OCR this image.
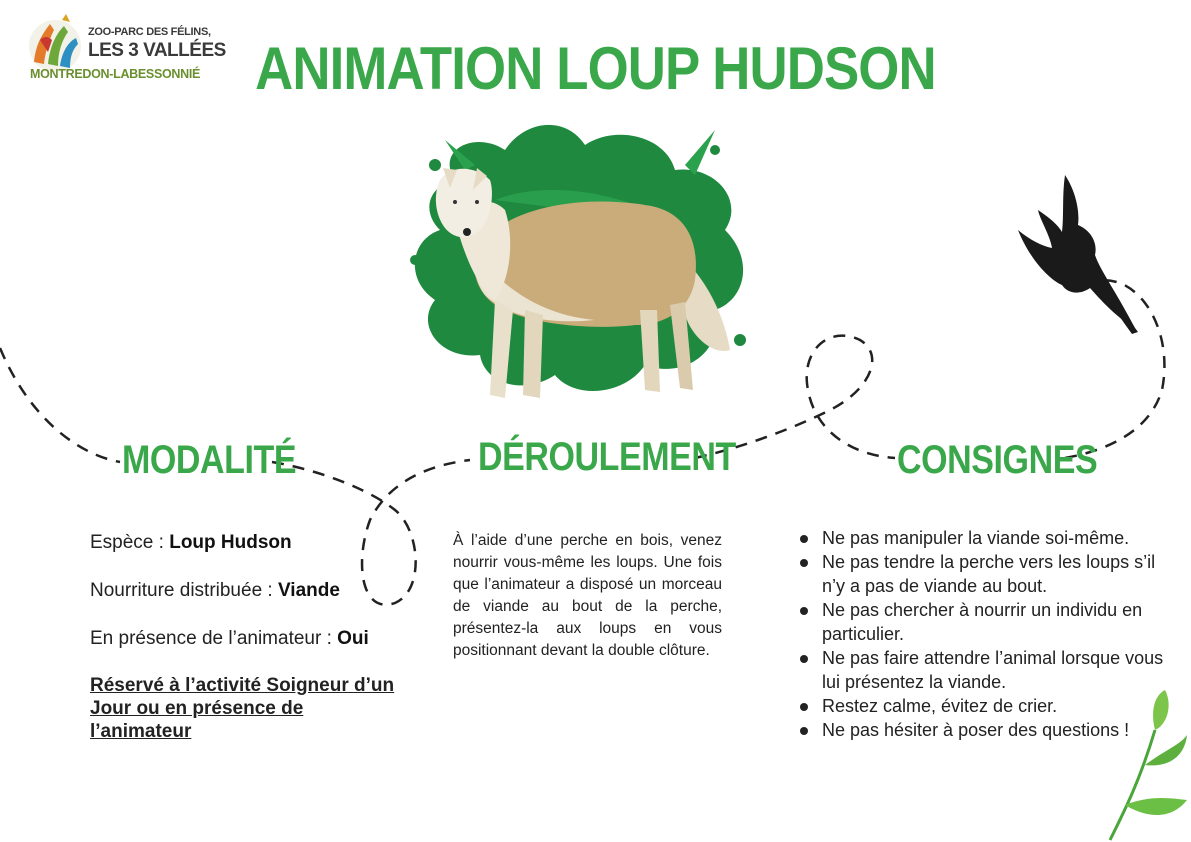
ZOO-PARC DES FÉLINS,
LES 3 VALLÉES
MONTREDON-LABESSONNIÉ ANIMATION LOUP HUDSON
MODALITÉ	DÉROULEMENT	CONSIGNES

Espèce : Loup Hudson

Nourriture distribuée : Viande

En présence de l’animateur : Oui

Réservé à l’activité Soigneur d’un Jour ou en présence de l’animateur
À l’aide d’une perche en bois, venez nourrir vous-même les loups. Une fois que l’animateur a disposé un morceau de viande au bout de la perche, présentez-la aux loups en vous positionnant devant la double clôture.
Ne pas manipuler la viande soi-même.
Ne pas tendre la perche vers les loups s’il n’y a pas de viande au bout.
Ne pas chercher à nourrir un individu en particulier.
Ne pas faire attendre l’animal lorsque vous lui présentez la viande.
Restez calme, évitez de crier.
Ne pas hésiter à poser des questions !
